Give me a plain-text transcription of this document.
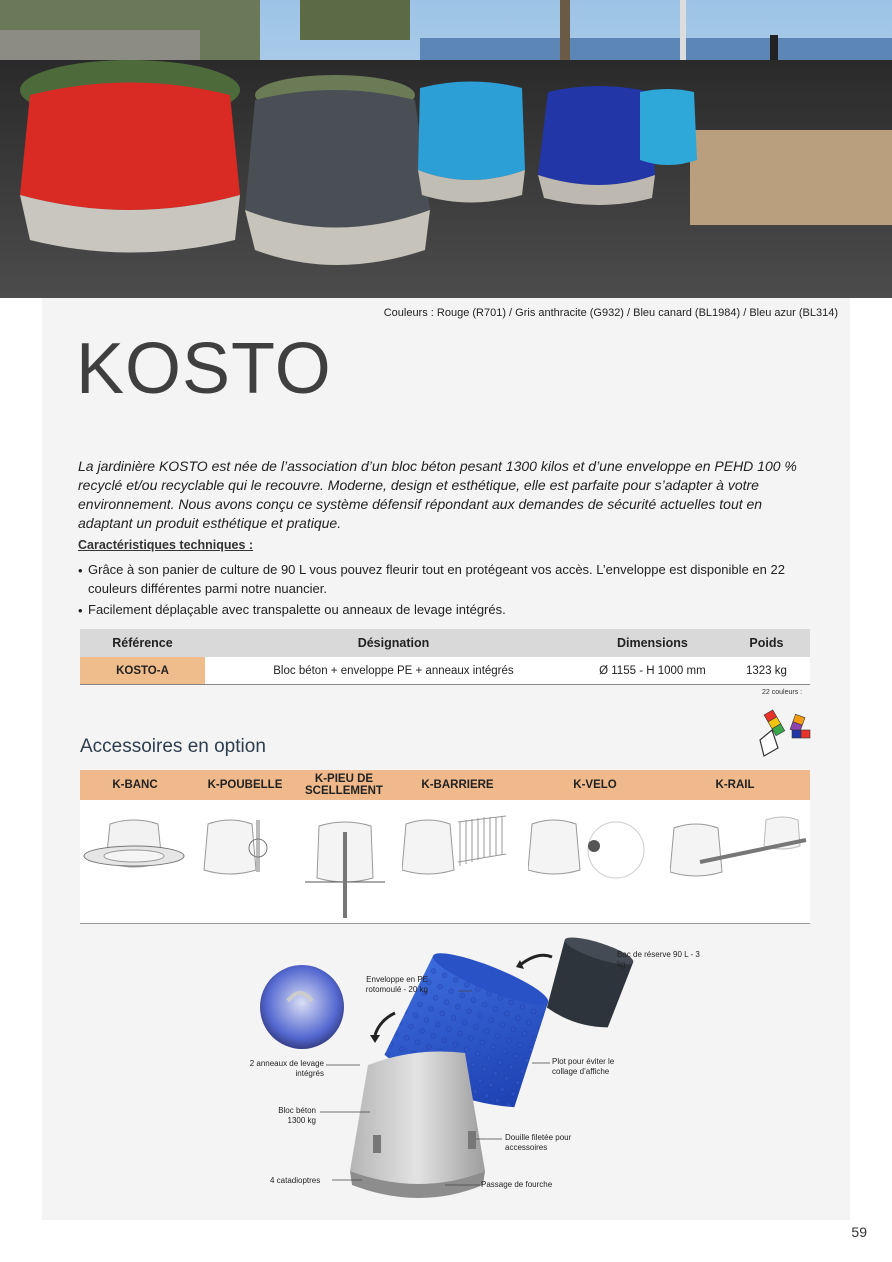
Couleurs : Rouge (R701) / Gris anthracite (G932) / Bleu canard (BL1984) / Bleu azur (BL314)
KOSTO
La jardinière KOSTO est née de l’association d’un bloc béton pesant 1300 kilos et d’une enveloppe en PEHD 100 % recyclé et/ou recyclable qui le recouvre. Moderne, design et esthétique, elle est parfaite pour s’adapter à votre environnement. Nous avons conçu ce système défensif répondant aux demandes de sécurité actuelles tout en adaptant un produit esthétique et pratique.
Caractéristiques techniques :
• Grâce à son panier de culture de 90 L vous pouvez fleurir tout en protégeant vos accès. L’enveloppe est disponible en 22 couleurs différentes parmi notre nuancier.
• Facilement déplaçable avec transpalette ou anneaux de levage intégrés.
Référence	Désignation	Dimensions	Poids
KOSTO-A	Bloc béton + enveloppe PE + anneaux intégrés	Ø 1155 - H 1000 mm	1323 kg
22 couleurs :
Accessoires en option
K-BANC	K-POUBELLE	K-PIEU DE SCELLEMENT	K-BARRIERE	K-VELO	K-RAIL
Bac de réserve 90 L - 3 kg
Enveloppe en PE rotomoulé - 20 kg
2 anneaux de levage intégrés
Plot pour éviter le collage d’affiche
Bloc béton 1300 kg
Douille filetée pour accessoires
4 catadioptres	Passage de fourche
59
